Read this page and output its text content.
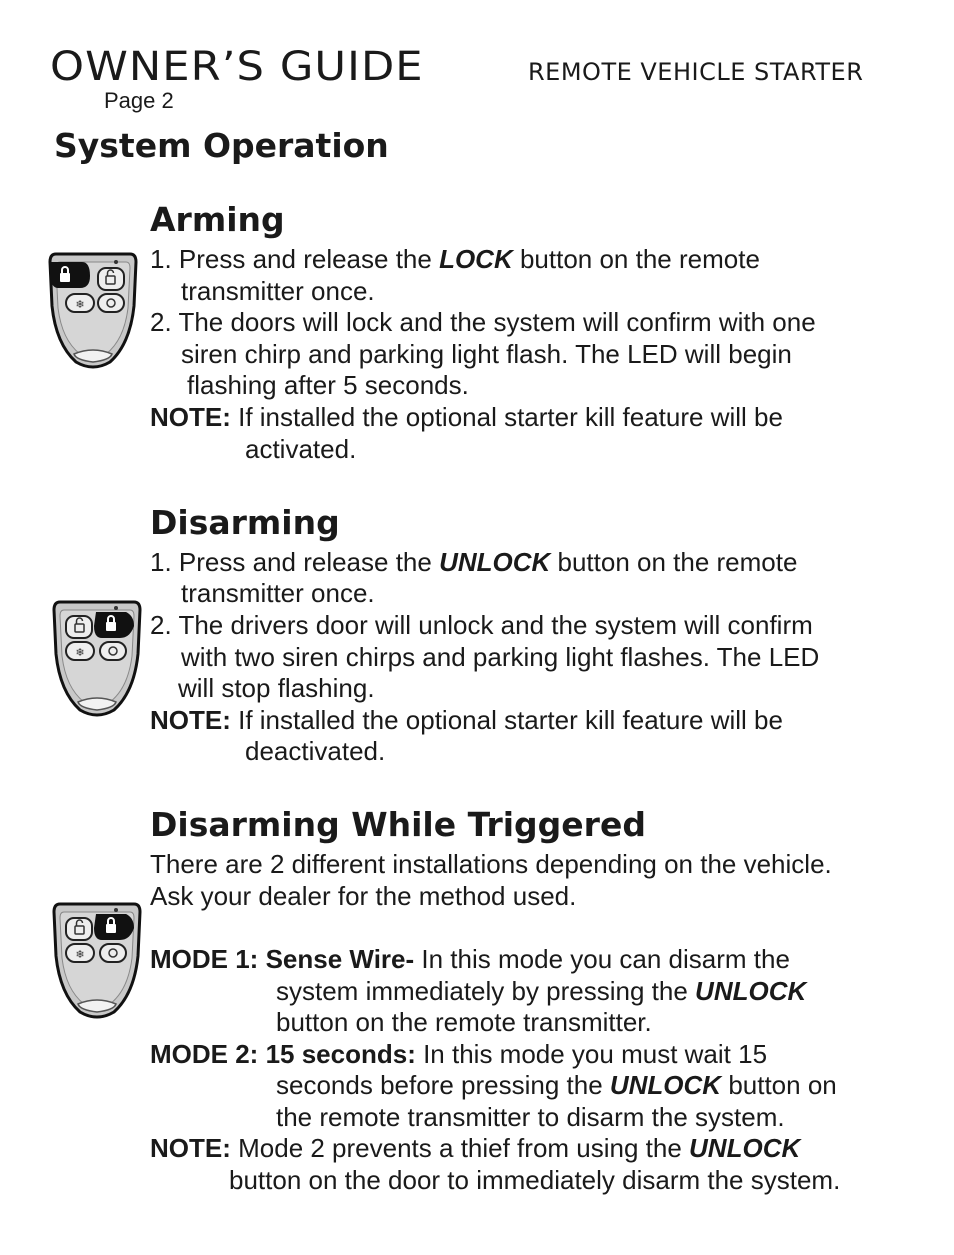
OWNER’S GUIDE	REMOTE VEHICLE STARTER
Page 2
System Operation
Arming
1. Press and release the LOCK button on the remote
transmitter once.
2. The doors will lock and the system will confirm with one
siren chirp and parking light flash. The LED will begin
flashing after 5 seconds.
NOTE: If installed the optional starter kill feature will be
activated.
Disarming
1. Press and release the UNLOCK button on the remote
transmitter once.
2. The drivers door will unlock and the system will confirm
with two siren chirps and parking light flashes. The LED
will stop flashing.
NOTE: If installed the optional starter kill feature will be
deactivated.
Disarming While Triggered
There are 2 different installations depending on the vehicle.
Ask your dealer for the method used.
MODE 1: Sense Wire- In this mode you can disarm the
system immediately by pressing the UNLOCK
button on the remote transmitter.
MODE 2: 15 seconds: In this mode you must wait 15
seconds before pressing the UNLOCK button on
the remote transmitter to disarm the system.
NOTE: Mode 2 prevents a thief from using the UNLOCK
button on the door to immediately disarm the system.
❄
❄
❄
